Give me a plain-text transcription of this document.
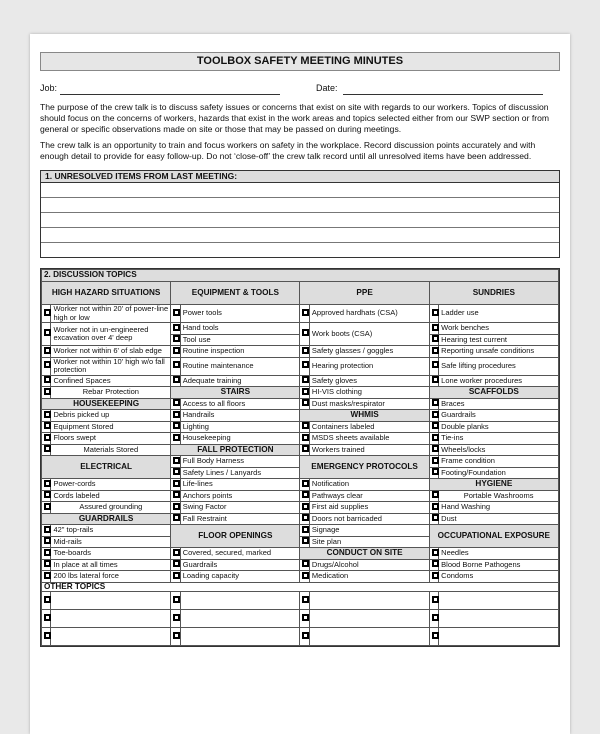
TOOLBOX SAFETY MEETING MINUTES
Job:	Date:
The purpose of the crew talk is to discuss safety issues or concerns that exist on site with regards to our workers. Topics of discussion should focus on the concerns of workers, hazards that exist in the work areas and topics selected either from our SWP section or from general or specific observations made on site or those that may be passed on during meetings.
The crew talk is an opportunity to train and focus workers on safety in the workplace. Record discussion points accurately and with enough detail to provide for easy follow-up. Do not ‘close-off’ the crew talk record until all unresolved items have been addressed.
1. UNRESOLVED ITEMS FROM LAST MEETING:
2. DISCUSSION TOPICS							
HIGH HAZARD SITUATIONS		EQUIPMENT & TOOLS		PPE		SUNDRIES	
	Worker not within 20' of power-line high or low		Power tools		Approved hardhats (CSA)		Ladder use
	Worker not in un-engineered excavation over 4' deep		Hand tools		Work boots (CSA)		Work benches
			Tool use				Hearing test current
	Worker not within 6' of slab edge		Routine inspection		Safety glasses / goggles		Reporting unsafe conditions
	Worker not within 10' high w/o fall protection		Routine maintenance		Hearing protection		Safe lifting procedures
	Confined Spaces		Adequate training		Safety gloves		Lone worker procedures
	Rebar Protection	STAIRS			HI-VIS clothing	SCAFFOLDS	
HOUSEKEEPING			Access to all floors		Dust masks/respirator		Braces
	Debris picked up		Handrails	WHMIS			Guardrails
	Equipment Stored		Lighting		Containers labeled		Double planks
	Floors swept		Housekeeping		MSDS sheets available		Tie-ins
	Materials Stored	FALL PROTECTION			Workers trained		Wheels/locks
ELECTRICAL			Full Body Harness	EMERGENCY PROTOCOLS			Frame condition
			Safety Lines / Lanyards				Footing/Foundation
	Power-cords		Life-lines		Notification	HYGIENE	
	Cords labeled		Anchors points		Pathways clear		Portable Washrooms
	Assured grounding		Swing Factor		First aid supplies		Hand Washing
GUARDRAILS			Fall Restraint		Doors not barricaded		Dust
	42" top-rails	FLOOR OPENINGS			Signage	OCCUPATIONAL EXPOSURE	
	Mid-rails				Site plan		
	Toe-boards		Covered, secured, marked	CONDUCT ON SITE			Needles
	In place at all times		Guardrails		Drugs/Alcohol		Blood Borne Pathogens
	200 lbs lateral force		Loading capacity		Medication		Condoms
OTHER TOPICS							
